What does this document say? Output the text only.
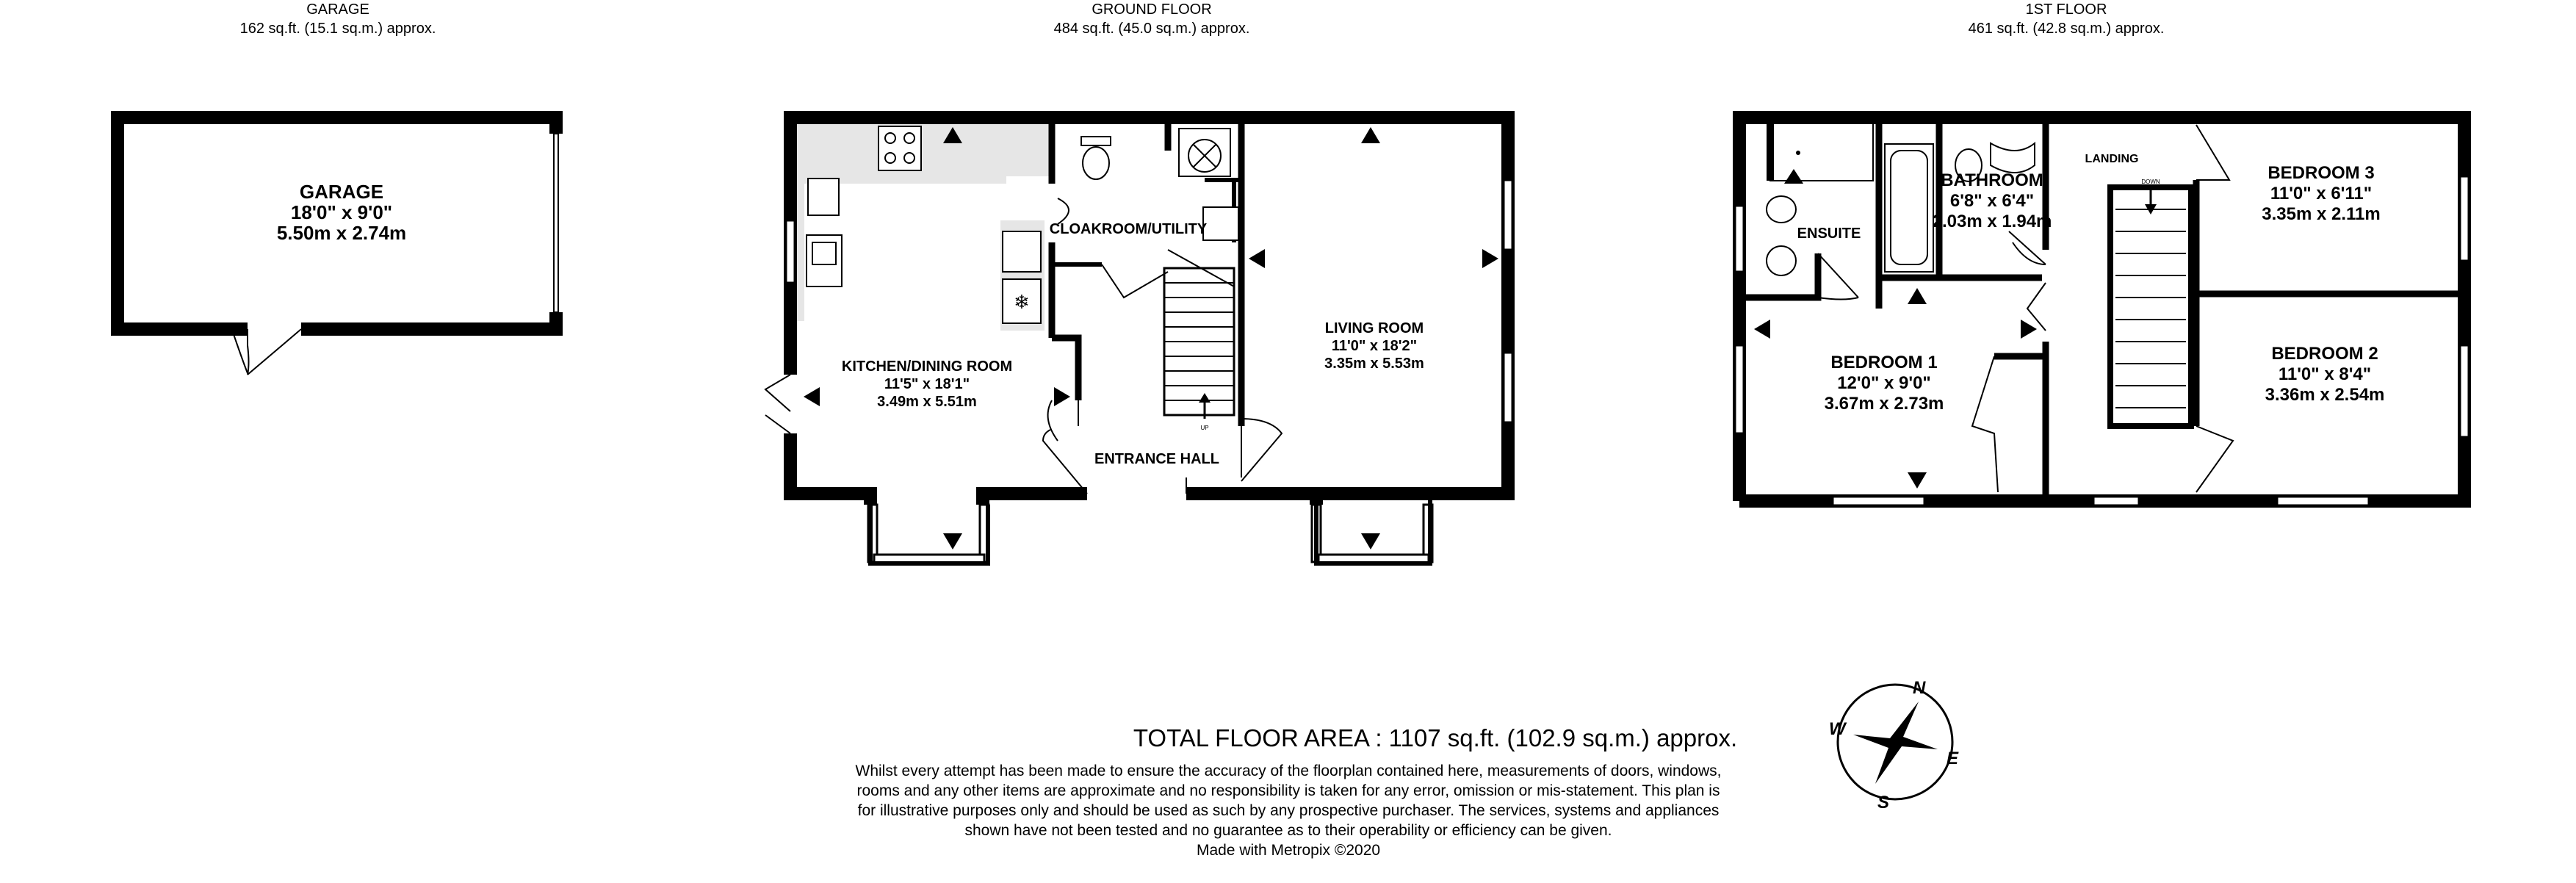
GARAGE
162 sq.ft. (15.1 sq.m.) approx.
GROUND FLOOR
484 sq.ft. (45.0 sq.m.) approx.
1ST FLOOR
461 sq.ft. (42.8 sq.m.) approx.
❄
UP
DOWN
N
E
S
W
GARAGE
18'0" x 9'0"
5.50m x 2.74m
KITCHEN/DINING ROOM
11'5" x 18'1"
3.49m x 5.51m
CLOAKROOM/UTILITY
LIVING ROOM
11'0" x 18'2"
3.35m x 5.53m
ENTRANCE HALL
BATHROOM
6'8" x 6'4"
2.03m x 1.94m
ENSUITE
LANDING
BEDROOM 3
11'0" x 6'11"
3.35m x 2.11m
BEDROOM 1
12'0" x 9'0"
3.67m x 2.73m
BEDROOM 2
11'0" x 8'4"
3.36m x 2.54m
TOTAL FLOOR AREA : 1107 sq.ft. (102.9 sq.m.) approx.
Whilst every attempt has been made to ensure the accuracy of the floorplan contained here, measurements of doors, windows, rooms and any other items are approximate and no responsibility is taken for any error, omission or mis-statement. This plan is for illustrative purposes only and should be used as such by any prospective purchaser. The services, systems and appliances shown have not been tested and no guarantee as to their operability or efficiency can be given.
Made with Metropix ©2020
